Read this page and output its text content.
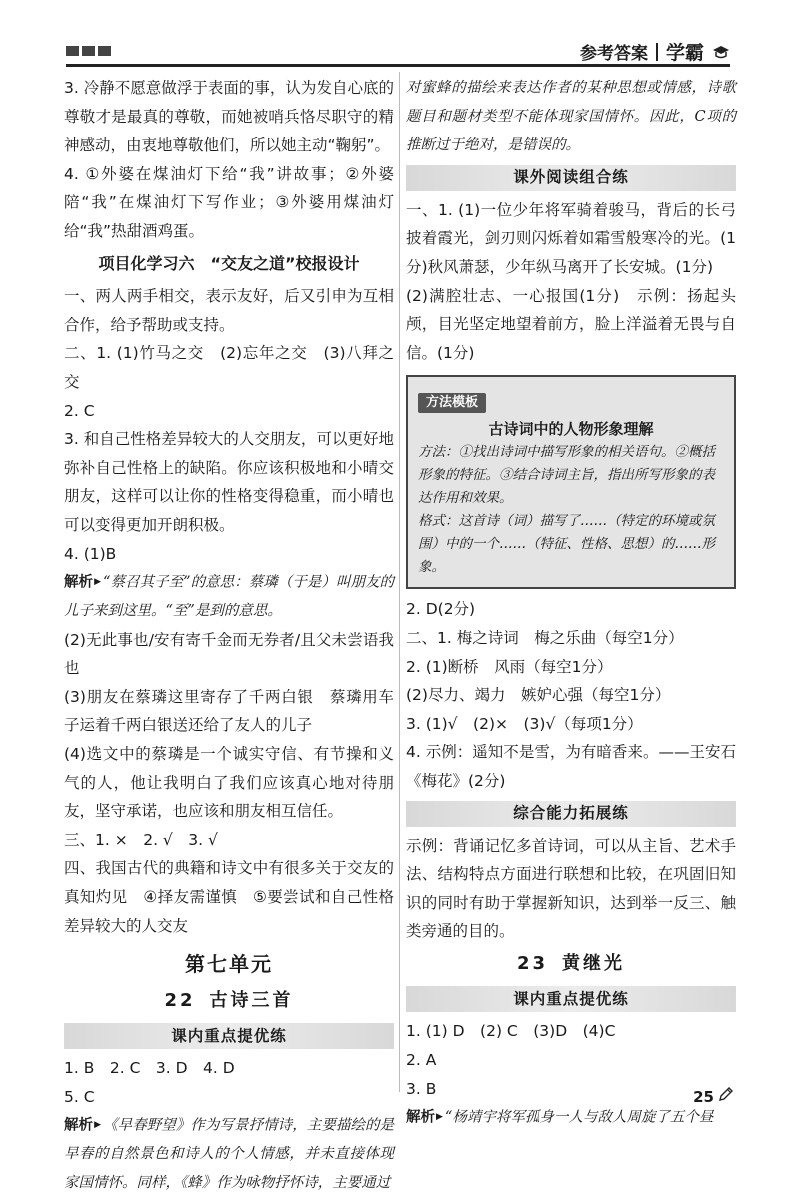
参考答案 学霸

3. 冷静不愿意做浮于表面的事，认为发自心底的尊敬才是最真的尊敬，而她被哨兵恪尽职守的精神感动，由衷地尊敬他们，所以她主动“鞠躬”。

4. ①外婆在煤油灯下给“我”讲故事；②外婆陪“我”在煤油灯下写作业；③外婆用煤油灯给“我”热甜酒鸡蛋。

项目化学习六　“交友之道”校报设计

一、两人两手相交，表示友好，后又引申为互相合作，给予帮助或支持。

二、1. (1)竹马之交　(2)忘年之交　(3)八拜之交

2. C

3. 和自己性格差异较大的人交朋友，可以更好地弥补自己性格上的缺陷。你应该积极地和小晴交朋友，这样可以让你的性格变得稳重，而小晴也可以变得更加开朗积极。

4. (1)B

解析▶ “蔡召其子至”的意思：蔡璘（于是）叫朋友的儿子来到这里。“至”是到的意思。

(2)无此事也/安有寄千金而无券者/且父未尝语我也

(3)朋友在蔡璘这里寄存了千两白银　蔡璘用车子运着千两白银送还给了友人的儿子

(4)选文中的蔡璘是一个诚实守信、有节操和义气的人，他让我明白了我们应该真心地对待朋友，坚守承诺，也应该和朋友相互信任。

三、1. ×　2. √　3. √

四、我国古代的典籍和诗文中有很多关于交友的真知灼见　④择友需谨慎　⑤要尝试和自己性格差异较大的人交友

第七单元
22 古诗三首
课内重点提优练

1. B　2. C　3. D　4. D

5. C

解析▶ 《早春野望》作为写景抒情诗，主要描绘的是早春的自然景色和诗人的个人情感，并未直接体现家国情怀。同样，《蜂》作为咏物抒怀诗，主要通过

对蜜蜂的描绘来表达作者的某种思想或情感，诗歌题目和题材类型不能体现家国情怀。因此，C项的推断过于绝对，是错误的。

课外阅读组合练

一、1. (1)一位少年将军骑着骏马，背后的长弓披着霞光，剑刃则闪烁着如霜雪般寒冷的光。(1分)秋风萧瑟，少年纵马离开了长安城。(1分)

(2)满腔壮志、一心报国(1分)　示例：扬起头颅，目光坚定地望着前方，脸上洋溢着无畏与自信。(1分)

方法模板
古诗词中的人物形象理解
方法：①找出诗词中描写形象的相关语句。②概括形象的特征。③结合诗词主旨，指出所写形象的表达作用和效果。
格式：这首诗（词）描写了……（特定的环境或氛围）中的一个……（特征、性格、思想）的……形象。

2. D(2分)

二、1. 梅之诗词　梅之乐曲（每空1分）

2. (1)断桥　风雨（每空1分）

(2)尽力、竭力　嫉妒心强（每空1分）

3. (1)√　(2)×　(3)√（每项1分）

4. 示例：遥知不是雪，为有暗香来。——王安石《梅花》(2分)

综合能力拓展练

示例：背诵记忆多首诗词，可以从主旨、艺术手法、结构特点方面进行联想和比较，在巩固旧知识的同时有助于掌握新知识，达到举一反三、触类旁通的目的。

23 黄继光
课内重点提优练

1. (1) D　(2) C　(3)D　(4)C

2. A

3. B

解析▶ “杨靖宇将军孤身一人与敌人周旋了五个昼

25
